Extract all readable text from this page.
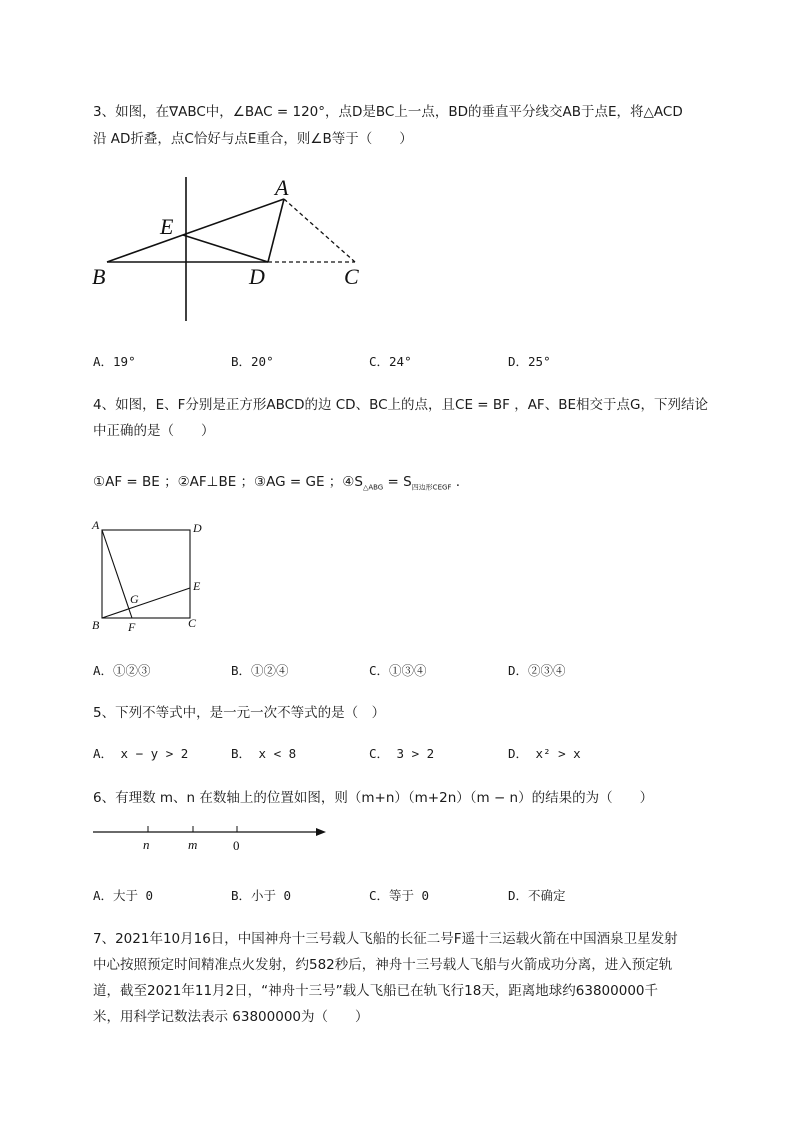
3、如图，在∇ABC中，∠BAC = 120°，点D是BC上一点，BD的垂直平分线交AB于点E，将△ACD
沿 AD折叠，点C恰好与点E重合，则∠B等于（　　）
A
E
B	D	C
A．19°	B．20°	C．24°	D．25°
4、如图，E、F分别是正方形ABCD的边 CD、BC上的点，且CE = BF ，AF、BE相交于点G，下列结论
中正确的是（　　）
①AF = BE ；②AF⊥BE ；③AG = GE ；$④S_{\triangle ABG} = S_{四边形CEGF}$ .
A	D
E
G
B F	C
A．①②③	B．①②④	C．①③④	D．②③④
5、下列不等式中，是一元一次不等式的是（　）
A． x − y > 2	B． x < 8	C． 3 > 2	D． x² > x
6、有理数 m、n 在数轴上的位置如图，则（m+n）（m+2n）（m − n）的结果的为（　　）
n	m	0
A．大于 0	B．小于 0	C．等于 0	D．不确定
7、2021年10月16日，中国神舟十三号载人飞船的长征二号F遥十三运载火箭在中国酒泉卫星发射
中心按照预定时间精准点火发射，约582秒后，神舟十三号载人飞船与火箭成功分离，进入预定轨
道，截至2021年11月2日，“神舟十三号”载人飞船已在轨飞行18天，距离地球约63800000千
米，用科学记数法表示 63800000为（　　）
